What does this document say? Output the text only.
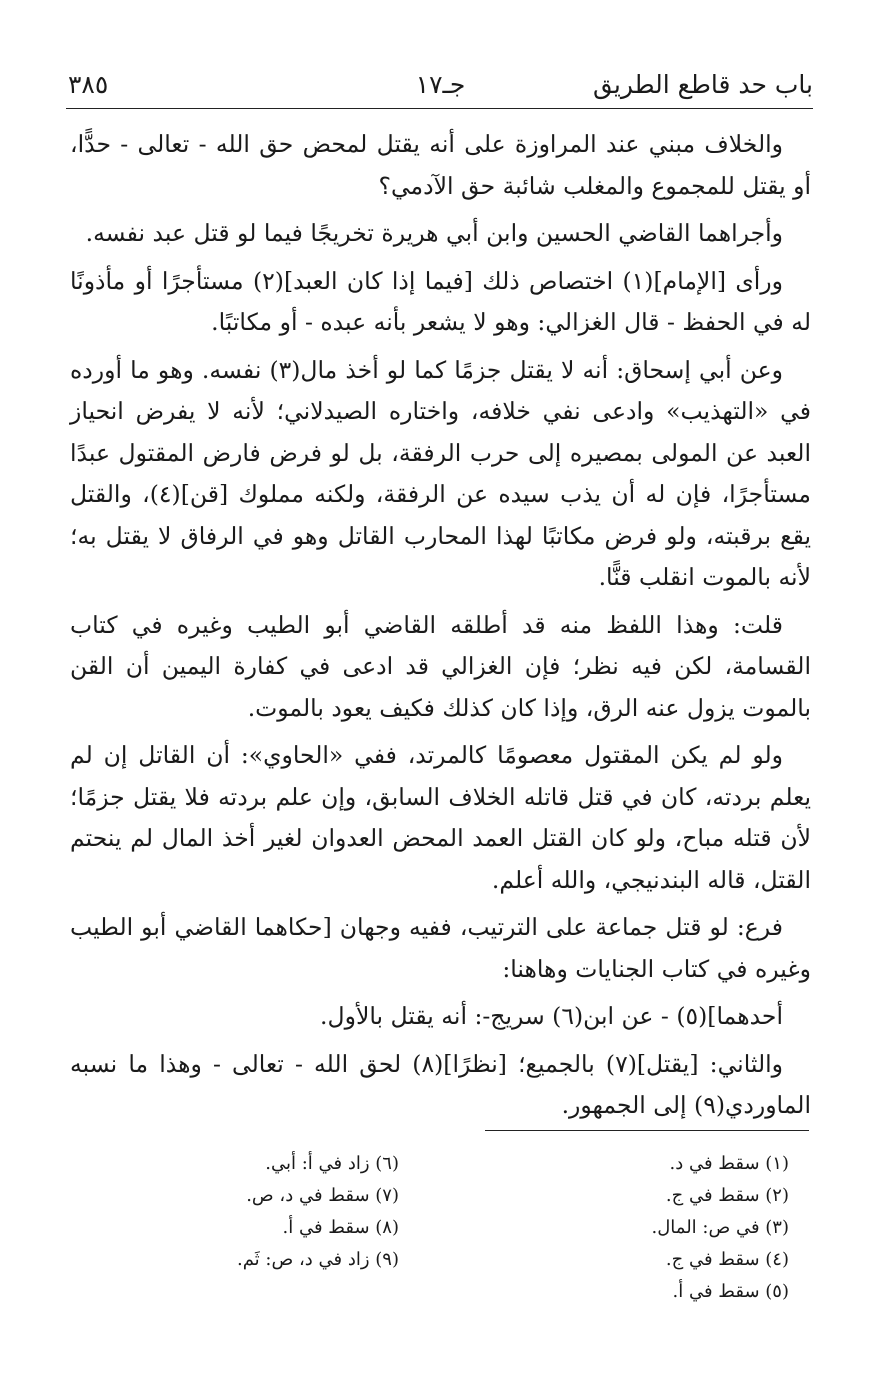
باب حد قاطع الطريق
جـ١٧
٣٨٥

والخلاف مبني عند المراوزة على أنه يقتل لمحض حق الله - تعالى - حدًّا، أو يقتل للمجموع والمغلب شائبة حق الآدمي؟

وأجراهما القاضي الحسين وابن أبي هريرة تخريجًا فيما لو قتل عبد نفسه.

ورأى [الإمام](١) اختصاص ذلك [فيما إذا كان العبد](٢) مستأجرًا أو مأذونًا له في الحفظ - قال الغزالي: وهو لا يشعر بأنه عبده - أو مكاتبًا.

وعن أبي إسحاق: أنه لا يقتل جزمًا كما لو أخذ مال(٣) نفسه. وهو ما أورده في «التهذيب» وادعى نفي خلافه، واختاره الصيدلاني؛ لأنه لا يفرض انحياز العبد عن المولى بمصيره إلى حرب الرفقة، بل لو فرض فارض المقتول عبدًا مستأجرًا، فإن له أن يذب سيده عن الرفقة، ولكنه مملوك [قن](٤)، والقتل يقع برقبته، ولو فرض مكاتبًا لهذا المحارب القاتل وهو في الرفاق لا يقتل به؛ لأنه بالموت انقلب قنًّا.

قلت: وهذا اللفظ منه قد أطلقه القاضي أبو الطيب وغيره في كتاب القسامة، لكن فيه نظر؛ فإن الغزالي قد ادعى في كفارة اليمين أن القن بالموت يزول عنه الرق، وإذا كان كذلك فكيف يعود بالموت.

ولو لم يكن المقتول معصومًا كالمرتد، ففي «الحاوي»: أن القاتل إن لم يعلم بردته، كان في قتل قاتله الخلاف السابق، وإن علم بردته فلا يقتل جزمًا؛ لأن قتله مباح، ولو كان القتل العمد المحض العدوان لغير أخذ المال لم ينحتم القتل، قاله البندنيجي، والله أعلم.

فرع: لو قتل جماعة على الترتيب، ففيه وجهان [حكاهما القاضي أبو الطيب وغيره في كتاب الجنايات وهاهنا:

أحدهما](٥) - عن ابن(٦) سريج-: أنه يقتل بالأول.

والثاني: [يقتل](٧) بالجميع؛ [نظرًا](٨) لحق الله - تعالى - وهذا ما نسبه الماوردي(٩) إلى الجمهور.

(١) سقط في د.
(٢) سقط في ج.
(٣) في ص: المال.
(٤) سقط في ج.
(٥) سقط في أ.
(٦) زاد في أ: أبي.
(٧) سقط في د، ص.
(٨) سقط في أ.
(٩) زاد في د، ص: ثَم.
